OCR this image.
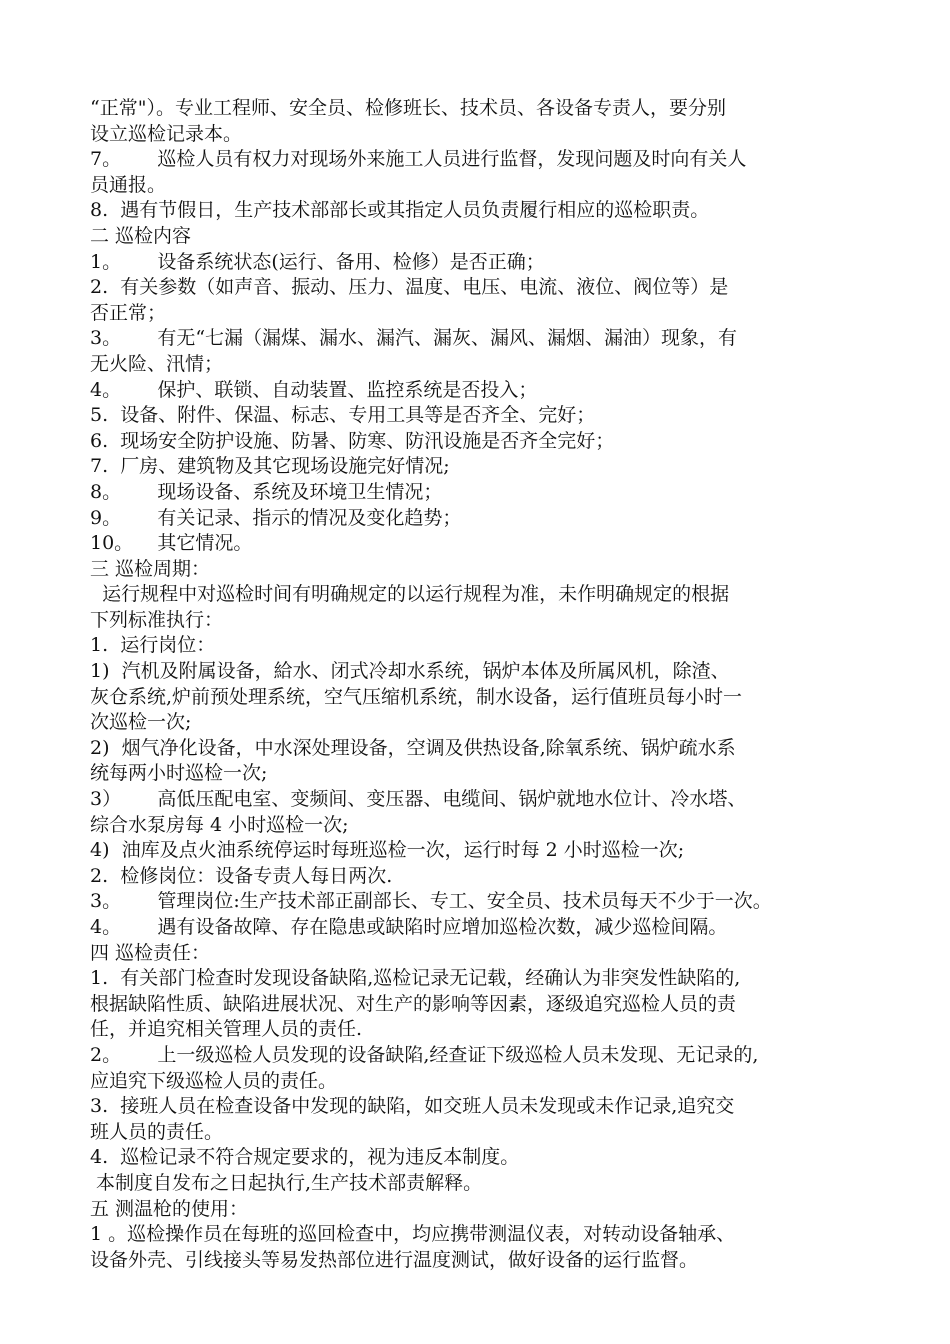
“正常"）。专业工程师、安全员、检修班长、技术员、各设备专责人，要分别
设立巡检记录本。
7。      巡检人员有权力对现场外来施工人员进行监督，发现问题及时向有关人
员通报。
8.  遇有节假日，生产技术部部长或其指定人员负责履行相应的巡检职责。
二 巡检内容
1。      设备系统状态(运行、备用、检修）是否正确；
2.  有关参数（如声音、振动、压力、温度、电压、电流、液位、阀位等）是
否正常；
3。      有无“七漏（漏煤、漏水、漏汽、漏灰、漏风、漏烟、漏油）现象，有
无火险、汛情；
4。      保护、联锁、自动装置、监控系统是否投入；
5.  设备、附件、保温、标志、专用工具等是否齐全、完好；
6.  现场安全防护设施、防暑、防寒、防汛设施是否齐全完好；
7.  厂房、建筑物及其它现场设施完好情况;
8。      现场设备、系统及环境卫生情况；
9。      有关记录、指示的情况及变化趋势；
10。    其它情况。
三 巡检周期：
运行规程中对巡检时间有明确规定的以运行规程为准，未作明确规定的根据
下列标准执行：
1.  运行岗位：
1)  汽机及附属设备，給水、闭式冷却水系统，锅炉本体及所属风机，除渣、
灰仓系统,炉前预处理系统，空气压缩机系统，制水设备，运行值班员每小时一
次巡检一次;
2)  烟气净化设备，中水深处理设备，空调及供热设备,除氧系统、锅炉疏水系
统每两小时巡检一次;
3）      高低压配电室、变频间、变压器、电缆间、锅炉就地水位计、冷水塔、
综合水泵房每 4 小时巡检一次;
4)  油库及点火油系统停运时每班巡检一次，运行时每 2 小时巡检一次;
2.  检修岗位：设备专责人每日两次.
3。      管理岗位:生产技术部正副部长、专工、安全员、技术员每天不少于一次。
4。      遇有设备故障、存在隐患或缺陷时应增加巡检次数，减少巡检间隔。
四 巡检责任：
1.  有关部门检查时发现设备缺陷,巡检记录无记载，经确认为非突发性缺陷的,
根据缺陷性质、缺陷进展状况、对生产的影响等因素，逐级追究巡检人员的责
任，并追究相关管理人员的责任.
2。      上一级巡检人员发现的设备缺陷,经查证下级巡检人员未发现、无记录的,
应追究下级巡检人员的责任。
3.  接班人员在检查设备中发现的缺陷，如交班人员未发现或未作记录,追究交
班人员的责任。
4.  巡检记录不符合规定要求的，视为违反本制度。
本制度自发布之日起执行,生产技术部责解释。
五 测温枪的使用：
1 。巡检操作员在每班的巡回检查中，均应携带测温仪表，对转动设备轴承、
设备外壳、引线接头等易发热部位进行温度测试，做好设备的运行监督。
